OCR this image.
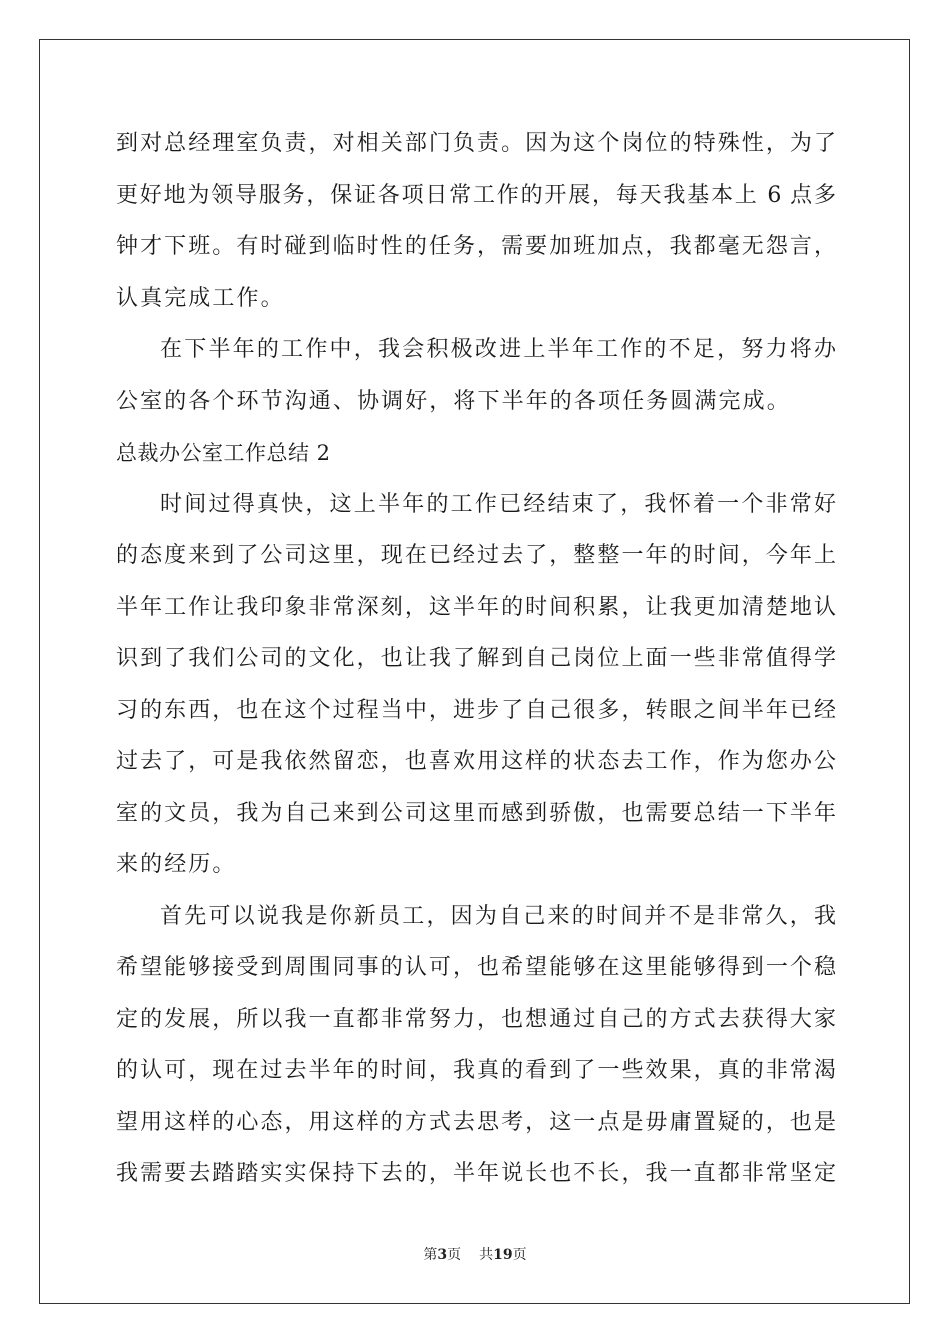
到对总经理室负责，对相关部门负责。因为这个岗位的特殊性，为了
更好地为领导服务，保证各项日常工作的开展，每天我基本上 6 点多
钟才下班。有时碰到临时性的任务，需要加班加点，我都毫无怨言，
认真完成工作。
在下半年的工作中，我会积极改进上半年工作的不足，努力将办
公室的各个环节沟通、协调好，将下半年的各项任务圆满完成。
总裁办公室工作总结 2
时间过得真快，这上半年的工作已经结束了，我怀着一个非常好
的态度来到了公司这里，现在已经过去了，整整一年的时间，今年上
半年工作让我印象非常深刻，这半年的时间积累，让我更加清楚地认
识到了我们公司的文化，也让我了解到自己岗位上面一些非常值得学
习的东西，也在这个过程当中，进步了自己很多，转眼之间半年已经
过去了，可是我依然留恋，也喜欢用这样的状态去工作，作为您办公
室的文员，我为自己来到公司这里而感到骄傲，也需要总结一下半年
来的经历。
首先可以说我是你新员工，因为自己来的时间并不是非常久，我
希望能够接受到周围同事的认可，也希望能够在这里能够得到一个稳
定的发展，所以我一直都非常努力，也想通过自己的方式去获得大家
的认可，现在过去半年的时间，我真的看到了一些效果，真的非常渴
望用这样的心态，用这样的方式去思考，这一点是毋庸置疑的，也是
我需要去踏踏实实保持下去的，半年说长也不长，我一直都非常坚定
第3页 共19页
